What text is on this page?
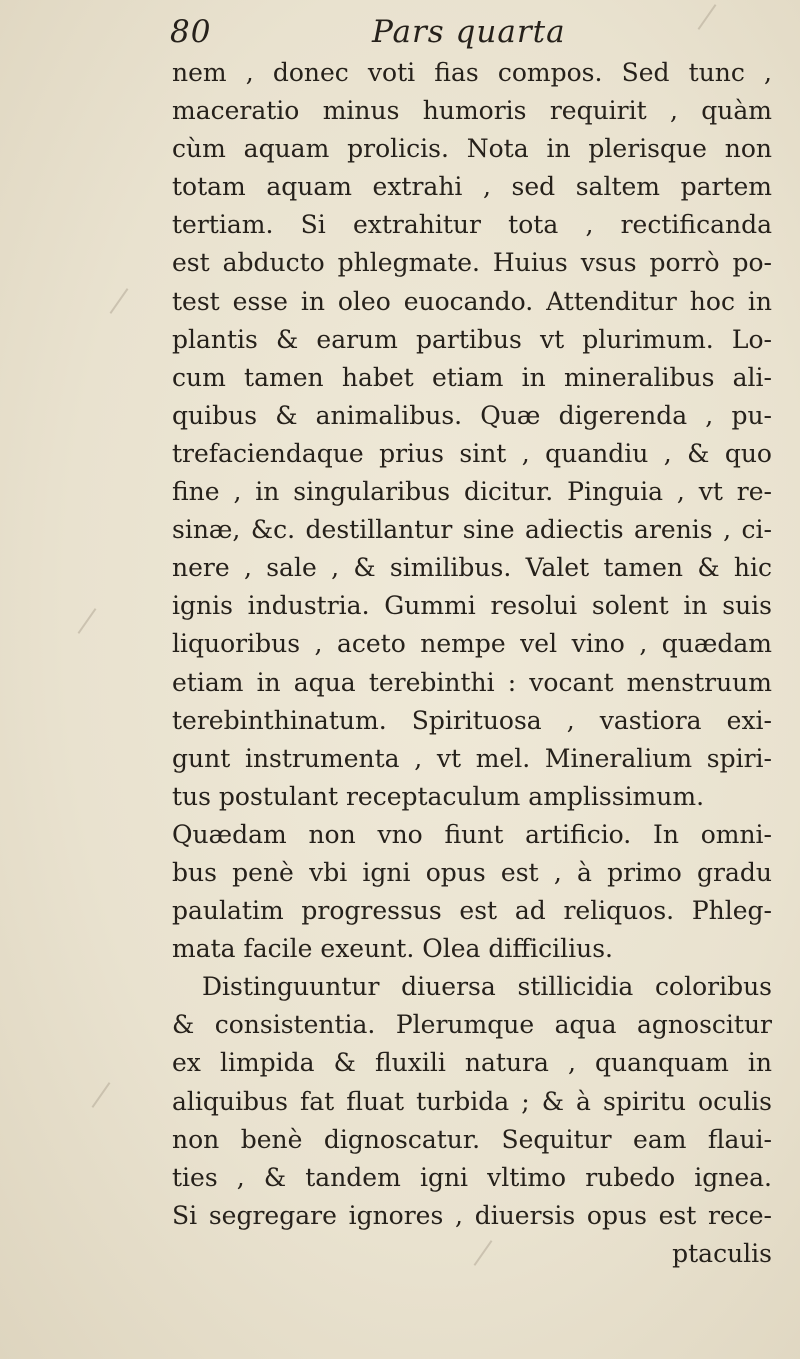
80	Pars quarta
nem , donec voti fias compos. Sed tunc ,
maceratio minus humoris requirit , quàm
cùm aquam prolicis. Nota in plerisque non
totam aquam extrahi , sed saltem partem
tertiam. Si extrahitur tota , rectificanda
est abducto phlegmate. Huius vsus porrò po-
test esse in oleo euocando. Attenditur hoc in
plantis & earum partibus vt plurimum. Lo-
cum tamen habet etiam in mineralibus ali-
quibus & animalibus. Quæ digerenda , pu-
trefaciendaque prius sint , quandiu , & quo
fine , in singularibus dicitur. Pinguia , vt re-
sinæ, &c. destillantur sine adiectis arenis , ci-
nere , sale , & similibus. Valet tamen & hic
ignis industria. Gummi resolui solent in suis
liquoribus , aceto nempe vel vino , quædam
etiam in aqua terebinthi : vocant menstruum
terebinthinatum. Spirituosa , vastiora exi-
gunt instrumenta , vt mel. Mineralium spiri-
tus postulant receptaculum amplissimum.
Quædam non vno fiunt artificio. In omni-
bus penè vbi igni opus est , à primo gradu
paulatim progressus est ad reliquos. Phleg-
mata facile exeunt. Olea difficilius.
Distinguuntur diuersa stillicidia coloribus
& consistentia. Plerumque aqua agnoscitur
ex limpida & fluxili natura , quanquam in
aliquibus fat fluat turbida ; & à spiritu oculis
non benè dignoscatur. Sequitur eam flaui-
ties , & tandem igni vltimo rubedo ignea.
Si segregare ignores , diuersis opus est rece-
ptaculis
